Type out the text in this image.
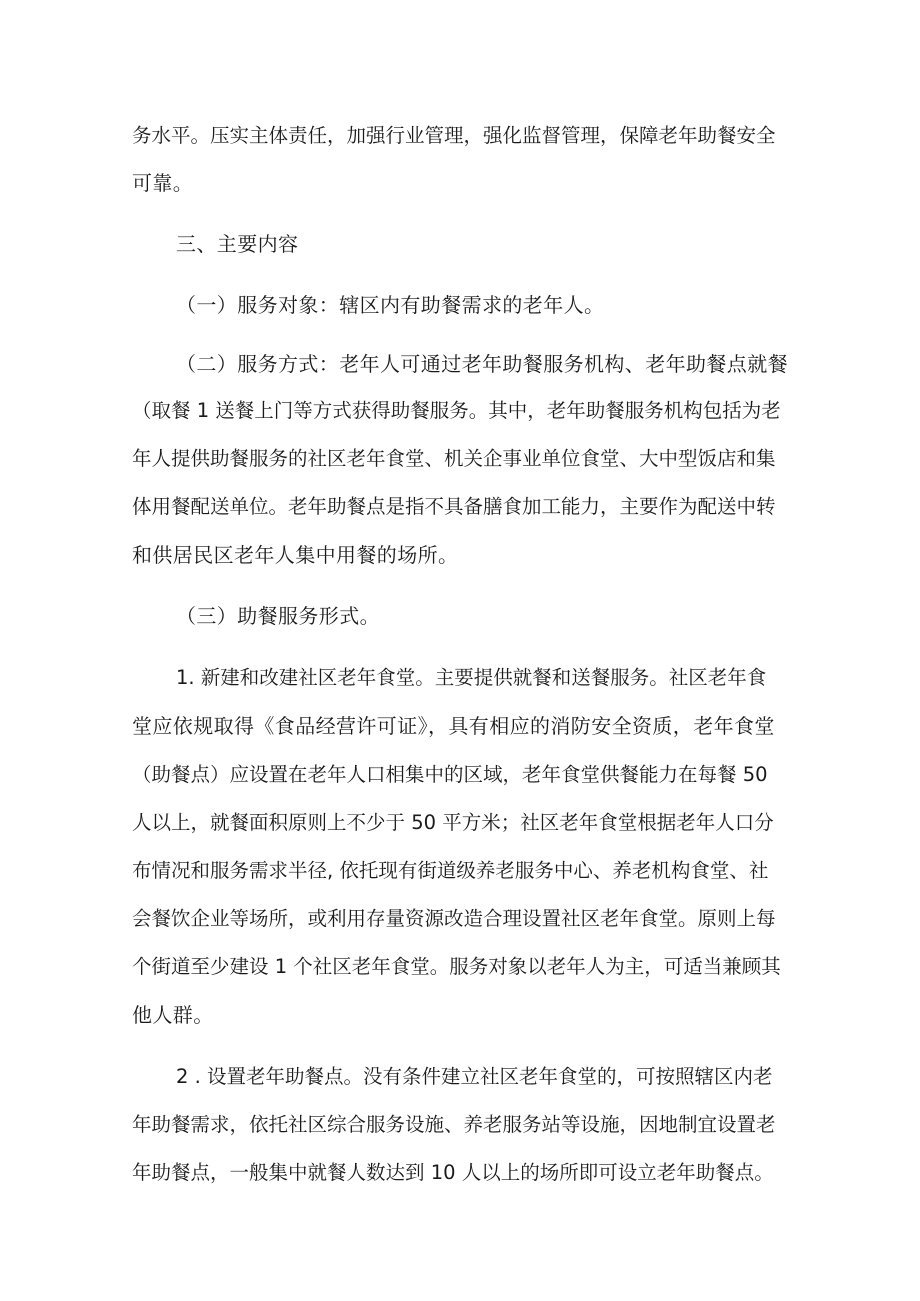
务水平。压实主体责任，加强行业管理，强化监督管理，保障老年助餐安全
可靠。
三、主要内容
（一）服务对象：辖区内有助餐需求的老年人。
（二）服务方式：老年人可通过老年助餐服务机构、老年助餐点就餐
（取餐 1 送餐上门等方式获得助餐服务。其中，老年助餐服务机构包括为老
年人提供助餐服务的社区老年食堂、机关企事业单位食堂、大中型饭店和集
体用餐配送单位。老年助餐点是指不具备膳食加工能力，主要作为配送中转
和供居民区老年人集中用餐的场所。
（三）助餐服务形式。
1. 新建和改建社区老年食堂。主要提供就餐和送餐服务。社区老年食
堂应依规取得《食品经营许可证》，具有相应的消防安全资质，老年食堂
（助餐点）应设置在老年人口相集中的区域，老年食堂供餐能力在每餐 50
人以上，就餐面积原则上不少于 50 平方米；社区老年食堂根据老年人口分
布情况和服务需求半径, 依托现有街道级养老服务中心、养老机构食堂、社
会餐饮企业等场所，或利用存量资源改造合理设置社区老年食堂。原则上每
个街道至少建设 1 个社区老年食堂。服务对象以老年人为主，可适当兼顾其
他人群。
2 . 设置老年助餐点。没有条件建立社区老年食堂的，可按照辖区内老
年助餐需求，依托社区综合服务设施、养老服务站等设施，因地制宜设置老
年助餐点，一般集中就餐人数达到 10 人以上的场所即可设立老年助餐点。
